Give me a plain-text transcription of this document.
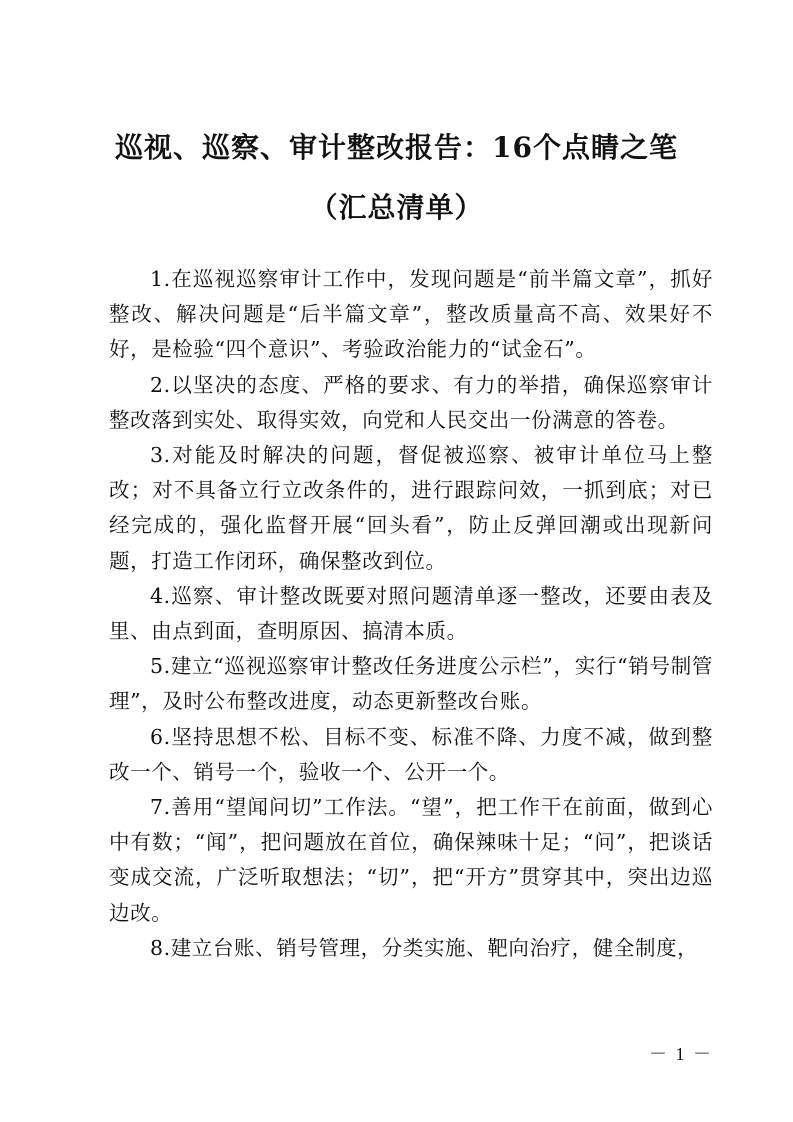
巡视、巡察、审计整改报告：16个点睛之笔
（汇总清单）

1.在巡视巡察审计工作中，发现问题是“前半篇文章”，抓好整改、解决问题是“后半篇文章”，整改质量高不高、效果好不好，是检验“四个意识”、考验政治能力的“试金石”。

2.以坚决的态度、严格的要求、有力的举措，确保巡察审计整改落到实处、取得实效，向党和人民交出一份满意的答卷。

3.对能及时解决的问题，督促被巡察、被审计单位马上整改；对不具备立行立改条件的，进行跟踪问效，一抓到底；对已经完成的，强化监督开展“回头看”，防止反弹回潮或出现新问题，打造工作闭环，确保整改到位。

4.巡察、审计整改既要对照问题清单逐一整改，还要由表及里、由点到面，查明原因、搞清本质。

5.建立“巡视巡察审计整改任务进度公示栏”，实行“销号制管理”，及时公布整改进度，动态更新整改台账。

6.坚持思想不松、目标不变、标准不降、力度不减，做到整改一个、销号一个，验收一个、公开一个。

7.善用“望闻问切”工作法。“望”，把工作干在前面，做到心中有数；“闻”，把问题放在首位，确保辣味十足；“问”，把谈话变成交流，广泛听取想法；“切”，把“开方”贯穿其中，突出边巡边改。

8.建立台账、销号管理，分类实施、靶向治疗，健全制度，

－ 1 －
